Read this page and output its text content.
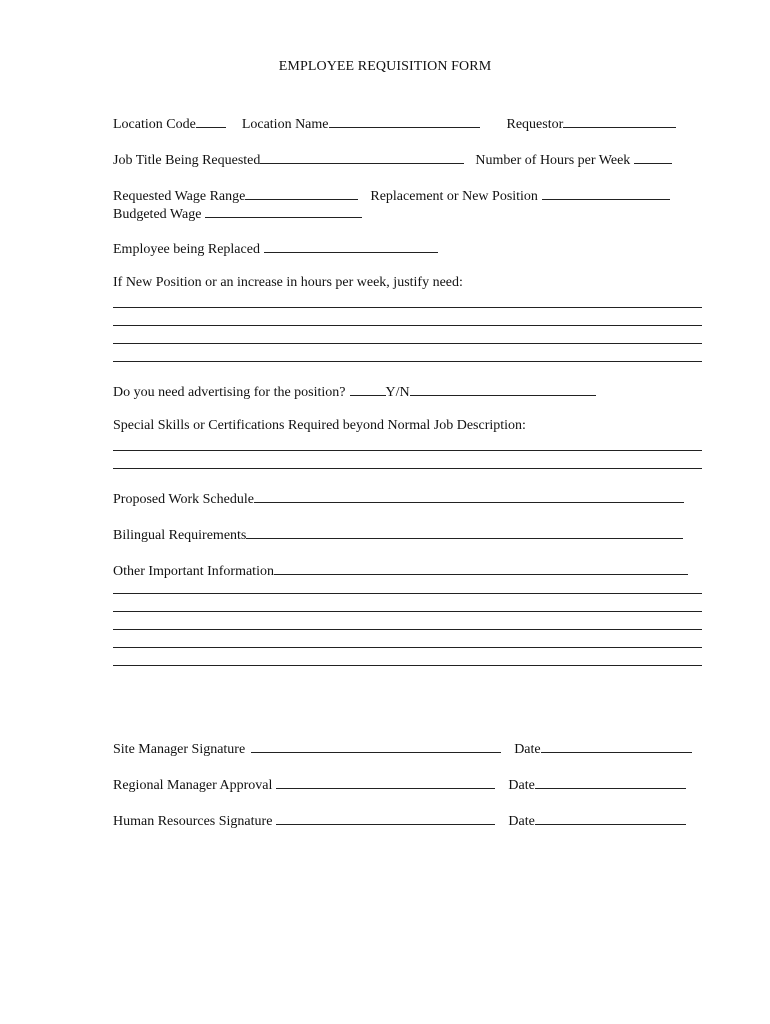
EMPLOYEE REQUISITION FORM
Location Code	Location Name	Requestor
Job Title Being Requested	Number of Hours per Week
Requested Wage Range	Replacement or New Position
Budgeted Wage
Employee being Replaced
If New Position or an increase in hours per week, justify need:
Do you need advertising for the position?	Y/N
Special Skills or Certifications Required beyond Normal Job Description:
Proposed Work Schedule
Bilingual Requirements
Other Important Information
Site Manager Signature	Date
Regional Manager Approval	Date
Human Resources Signature	Date
